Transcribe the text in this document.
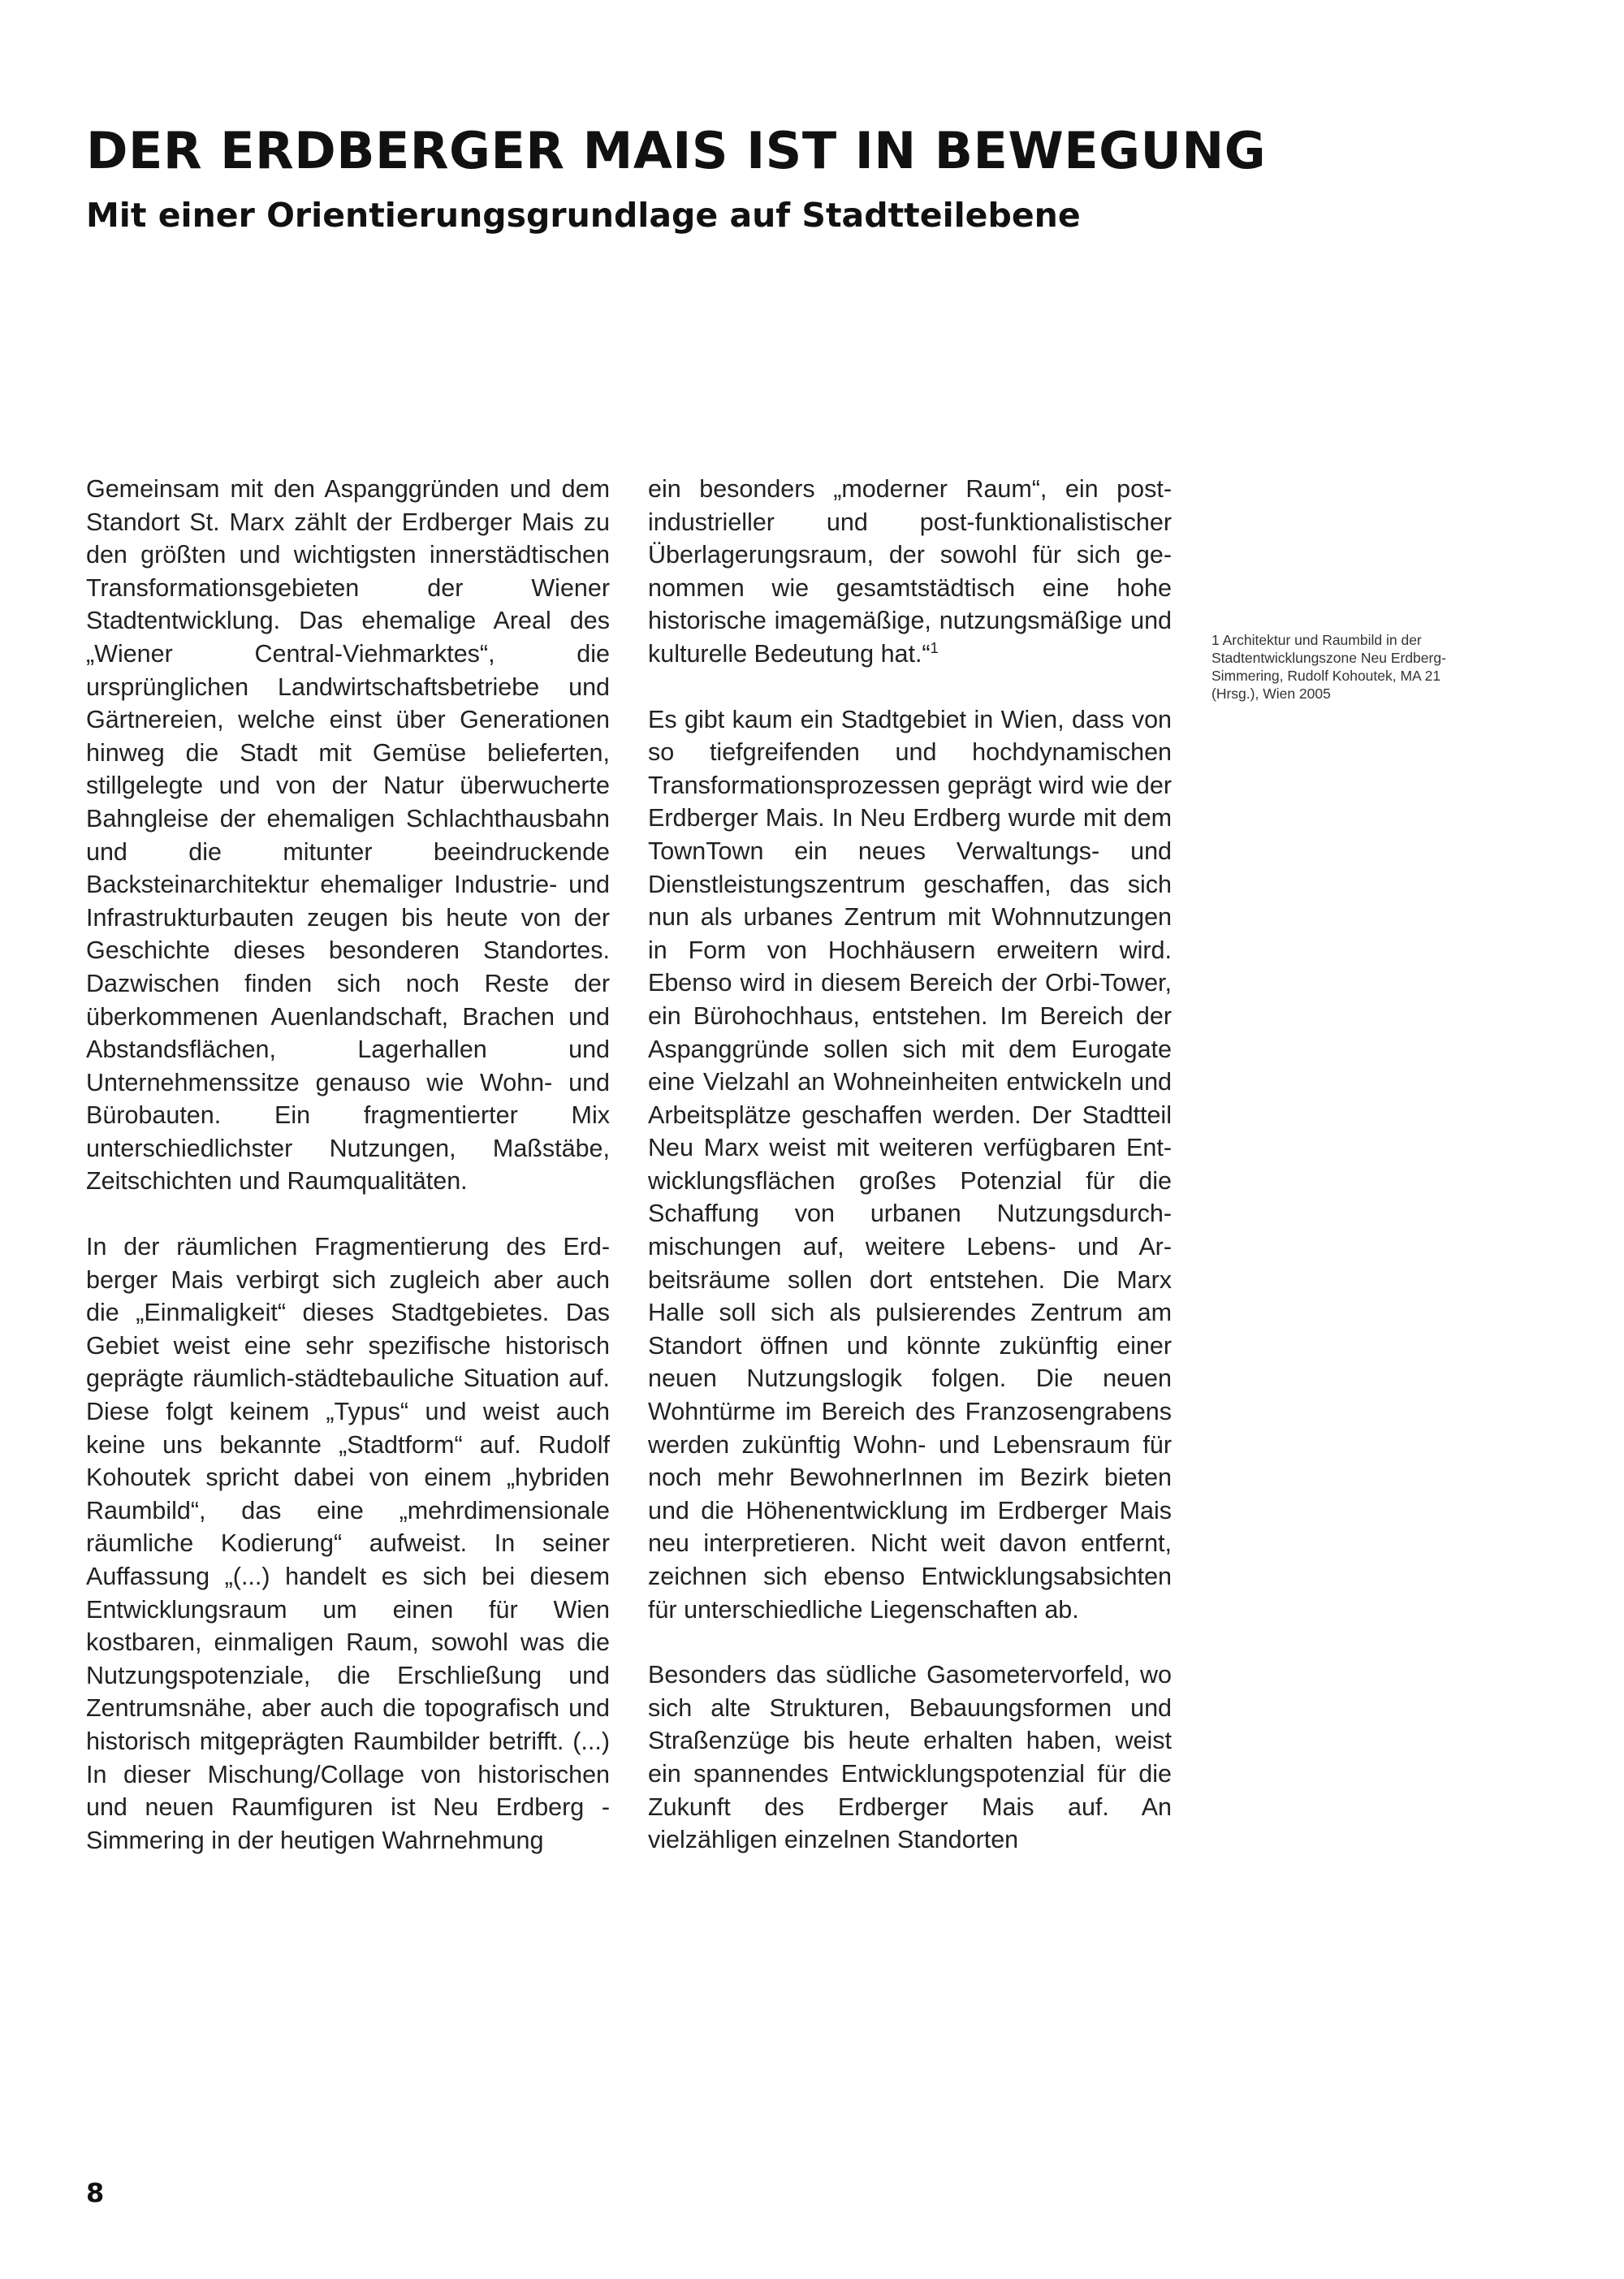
DER ERDBERGER MAIS IST IN BEWEGUNG
Mit einer Orientierungsgrundlage auf Stadtteilebene

Gemeinsam mit den Aspanggründen und dem Standort St. Marx zählt der Erdberger Mais zu den größten und wichtigsten innerstädtischen Transformationsgebieten der Wiener Stadtentwicklung. Das ehemalige Areal des „Wiener Central-Viehmarktes“, die ursprünglichen Landwirtschaftsbetriebe und Gärtnereien, welche einst über Generationen hinweg die Stadt mit Gemüse belieferten, stillgelegte und von der Natur überwucherte Bahngleise der ehemaligen Schlachthausbahn und die mitunter beeindruckende Backsteinarchitektur ehemaliger Industrie- und Infrastrukturbauten zeugen bis heute von der Geschichte dieses besonderen Standortes. Dazwischen finden sich noch Reste der überkommenen Auenlandschaft, Brachen und Abstandsflächen, Lagerhallen und Unternehmenssitze genauso wie Wohn- und Bürobauten. Ein fragmentierter Mix unterschiedlichster Nutzungen, Maßstäbe, Zeitschichten und Raumqualitäten.

In der räumlichen Fragmentierung des Erdberger Mais verbirgt sich zugleich aber auch die „Einmaligkeit“ dieses Stadtgebietes. Das Gebiet weist eine sehr spezifische historisch geprägte räumlich-städtebauliche Situation auf. Diese folgt keinem „Typus“ und weist auch keine uns bekannte „Stadtform“ auf. Rudolf Kohoutek spricht dabei von einem „hybriden Raumbild“, das eine „mehrdimensionale räumliche Kodierung“ aufweist. In seiner Auffassung „(...) handelt es sich bei diesem Entwicklungsraum um einen für Wien kostbaren, einmaligen Raum, sowohl was die Nutzungspotenziale, die Erschließung und Zentrumsnähe, aber auch die topografisch und historisch mitgeprägten Raumbilder betrifft. (...) In dieser Mischung/Collage von historischen und neuen Raumfiguren ist Neu Erdberg - Simmering in der heutigen Wahrnehmung

ein besonders „moderner Raum“, ein postindustrieller und post-funktionalistischer Überlagerungsraum, der sowohl für sich genommen wie gesamtstädtisch eine hohe historische imagemäßige, nutzungsmäßige und kulturelle Bedeutung hat.“$^1$

Es gibt kaum ein Stadtgebiet in Wien, dass von so tiefgreifenden und hochdynamischen Transformationsprozessen geprägt wird wie der Erdberger Mais. In Neu Erdberg wurde mit dem TownTown ein neues Verwaltungs- und Dienstleistungszentrum geschaffen, das sich nun als urbanes Zentrum mit Wohnnutzungen in Form von Hochhäusern erweitern wird. Ebenso wird in diesem Bereich der Orbi-Tower, ein Bürohochhaus, entstehen. Im Bereich der Aspanggründe sollen sich mit dem Eurogate eine Vielzahl an Wohneinheiten entwickeln und Arbeitsplätze geschaffen werden. Der Stadtteil Neu Marx weist mit weiteren verfügbaren Entwicklungsflächen großes Potenzial für die Schaffung von urbanen Nutzungsdurchmischungen auf, weitere Lebens- und Arbeitsräume sollen dort entstehen. Die Marx Halle soll sich als pulsierendes Zentrum am Standort öffnen und könnte zukünftig einer neuen Nutzungslogik folgen. Die neuen Wohntürme im Bereich des Franzosengrabens werden zukünftig Wohn- und Lebensraum für noch mehr BewohnerInnen im Bezirk bieten und die Höhenentwicklung im Erdberger Mais neu interpretieren. Nicht weit davon entfernt, zeichnen sich ebenso Entwicklungsabsichten für unterschiedliche Liegenschaften ab.

Besonders das südliche Gasometervorfeld, wo sich alte Strukturen, Bebauungsformen und Straßenzüge bis heute erhalten haben, weist ein spannendes Entwicklungspotenzial für die Zukunft des Erdberger Mais auf. An vielzähligen einzelnen Standorten

1 Architektur und Raumbild in der Stadtentwicklungszone Neu Erdberg-Simmering, Rudolf Kohoutek, MA 21 (Hrsg.), Wien 2005

8
